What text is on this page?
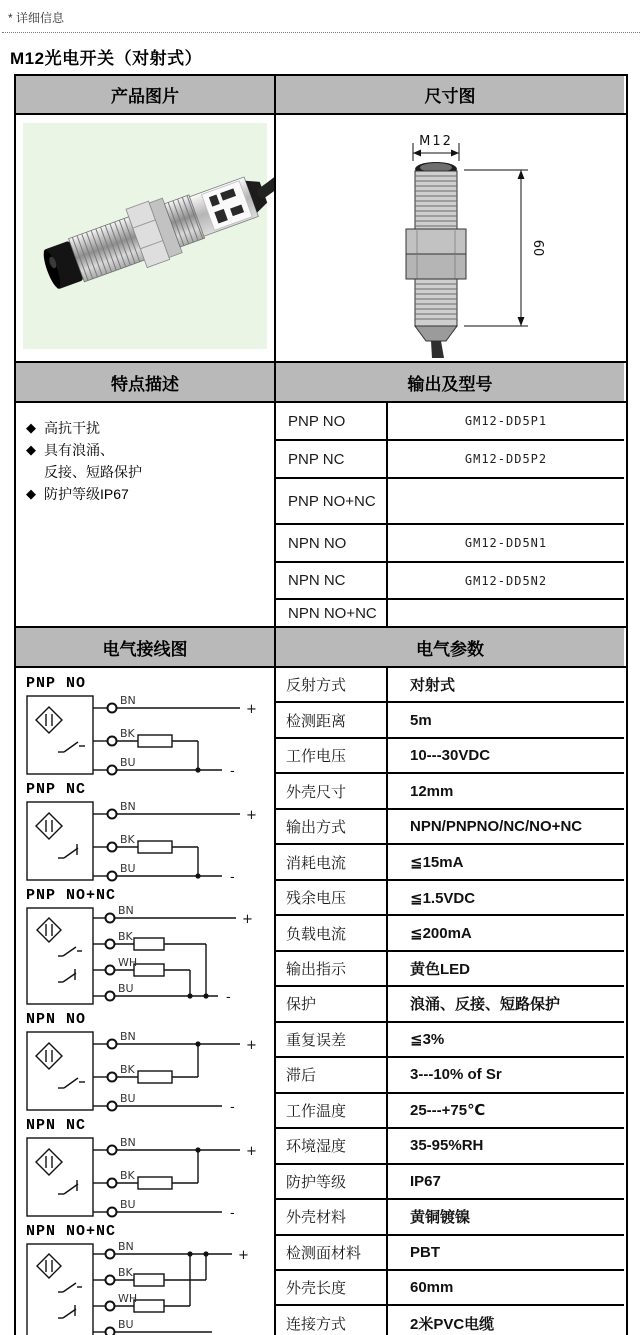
* 详细信息
M12光电开关（对射式）
产品图片	尺寸图
M12
60
特点描述	输出及型号
◆ 高抗干扰
◆ 具有浪涌、
反接、短路保护
◆ 防护等级IP67
PNP NO	GM12-DD5P1
PNP NC	GM12-DD5P2
PNP NO+NC
NPN NO	GM12-DD5N1
NPN NC	GM12-DD5N2
NPN NO+NC
电气接线图	电气参数
PNP NO
BN
BK
BU
+
-
PNP NC
BN
BK
BU
+
-
PNP NO+NC
BN
BK
WH
BU
+
-
NPN NO
BN
BK
BU
+
-
NPN NC
BN
BK
BU
+
-
NPN NO+NC
BN
BK
WH
BU
+
反射方式	对射式
检测距离	5m
工作电压	10---30VDC
外壳尺寸	12mm
输出方式	NPN/PNPNO/NC/NO+NC
消耗电流	≦15mA
残余电压	≦1.5VDC
负载电流	≦200mA
输出指示	黄色LED
保护	浪涌、反接、短路保护
重复误差	≦3%
滞后	3---10% of Sr
工作温度	25---+75℃
环境湿度	35-95%RH
防护等级	IP67
外壳材料	黄铜镀镍
检测面材料	PBT
外壳长度	60mm
连接方式	2米PVC电缆
